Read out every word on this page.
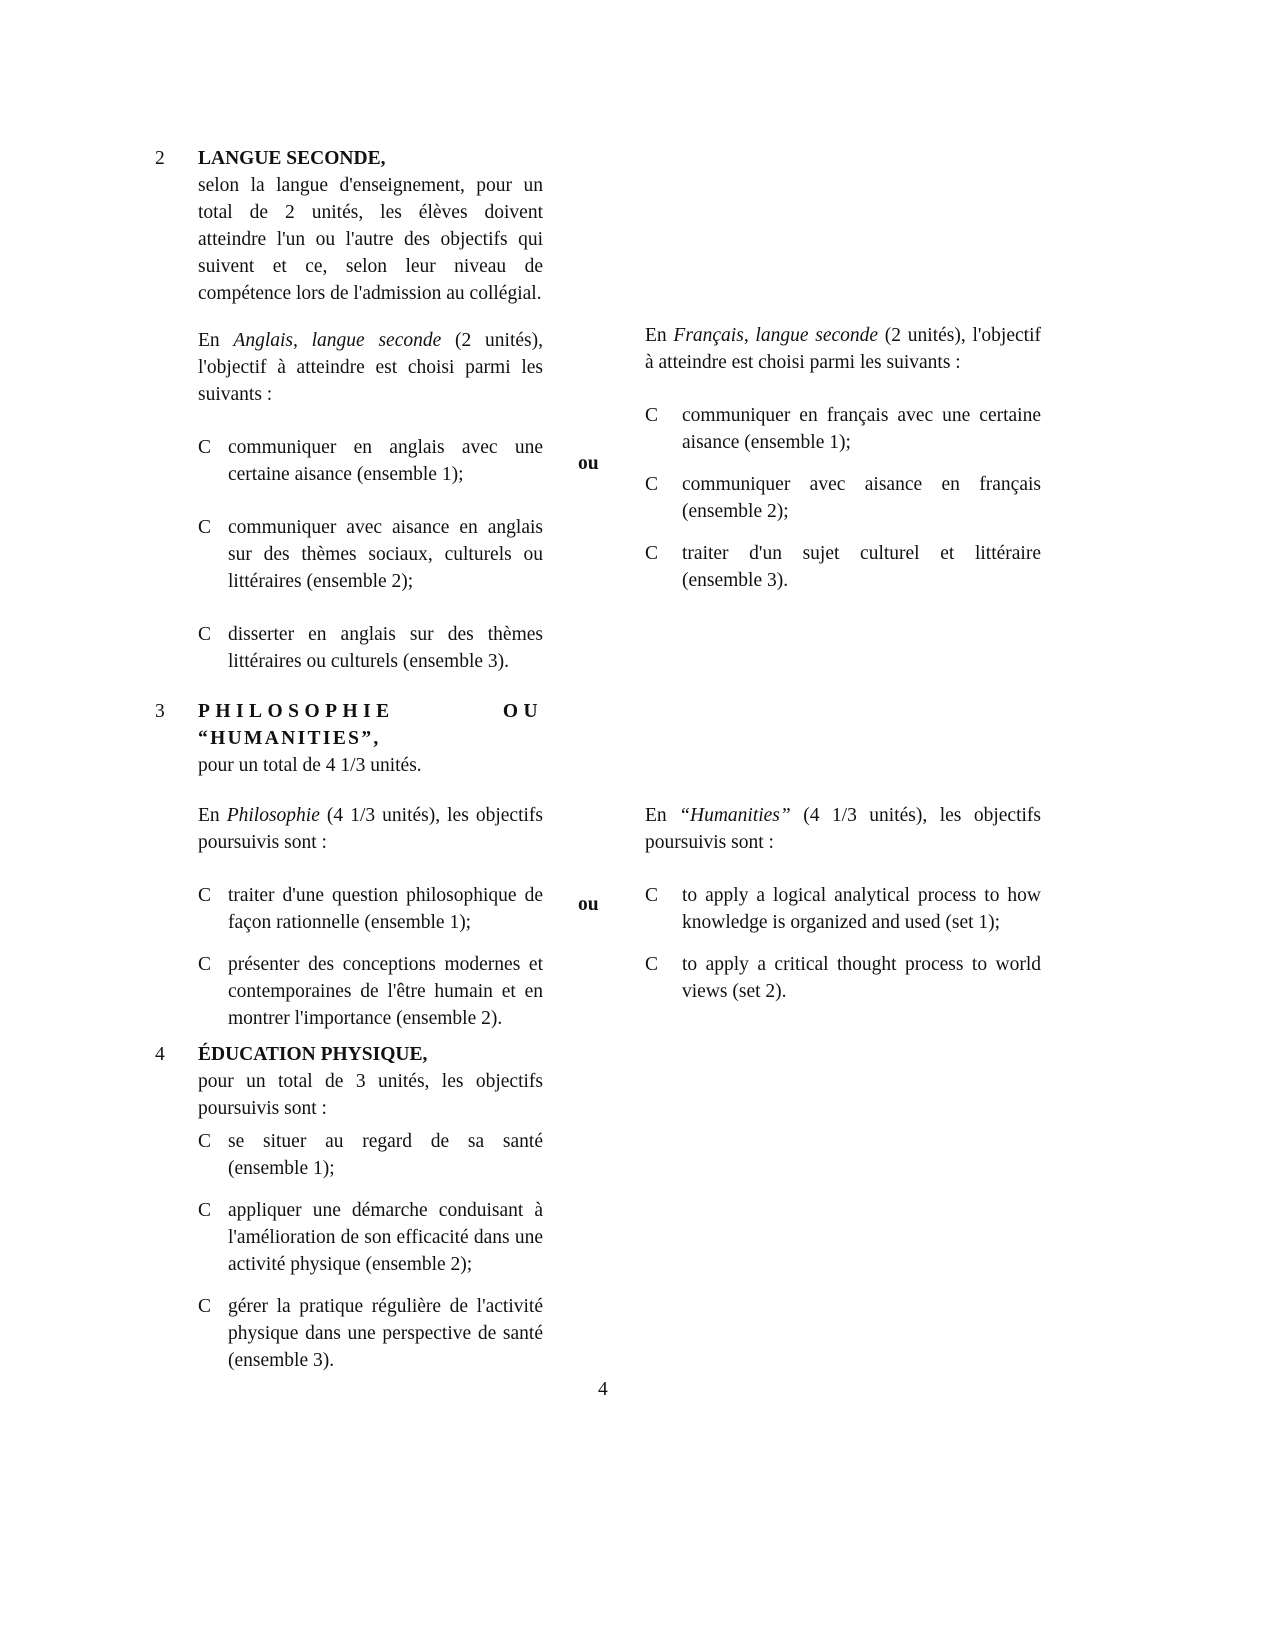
2 LANGUE SECONDE,
selon la langue d'enseignement, pour un total de 2 unités, les élèves doivent atteindre l'un ou l'autre des objectifs qui suivent et ce, selon leur niveau de compétence lors de l'admission au collégial.

En Anglais, langue seconde (2 unités), l'objectif à atteindre est choisi parmi les suivants :

C communiquer en anglais avec une certaine aisance (ensemble 1);
C communiquer avec aisance en anglais sur des thèmes sociaux, culturels ou littéraires (ensemble 2);
C disserter en anglais sur des thèmes littéraires ou culturels (ensemble 3).
ou

En Français, langue seconde (2 unités), l'objectif à atteindre est choisi parmi les suivants :

C	communiquer en français avec une certaine aisance (ensemble 1);
C	communiquer avec aisance en français (ensemble 2);
C	traiter d'un sujet culturel et littéraire (ensemble 3).
3 PHILOSOPHIE OU
“HUMANITIES”,
pour un total de 4 1/3 unités.

En Philosophie (4 1/3 unités), les objectifs poursuivis sont :

C traiter d'une question philosophique de façon rationnelle (ensemble 1);
C présenter des conceptions modernes et contemporaines de l'être humain et en montrer l'importance (ensemble 2).
ou

En “Humanities” (4 1/3 unités), les objectifs poursuivis sont :

C	to apply a logical analytical process to how knowledge is organized and used (set 1);
C	to apply a critical thought process to world views (set 2).
4 ÉDUCATION PHYSIQUE,
pour un total de 3 unités, les objectifs poursuivis sont :
C se situer au regard de sa santé (ensemble 1);
C appliquer une démarche conduisant à l'amélioration de son efficacité dans une activité physique (ensemble 2);
C gérer la pratique régulière de l'activité physique dans une perspective de santé (ensemble 3).
4
